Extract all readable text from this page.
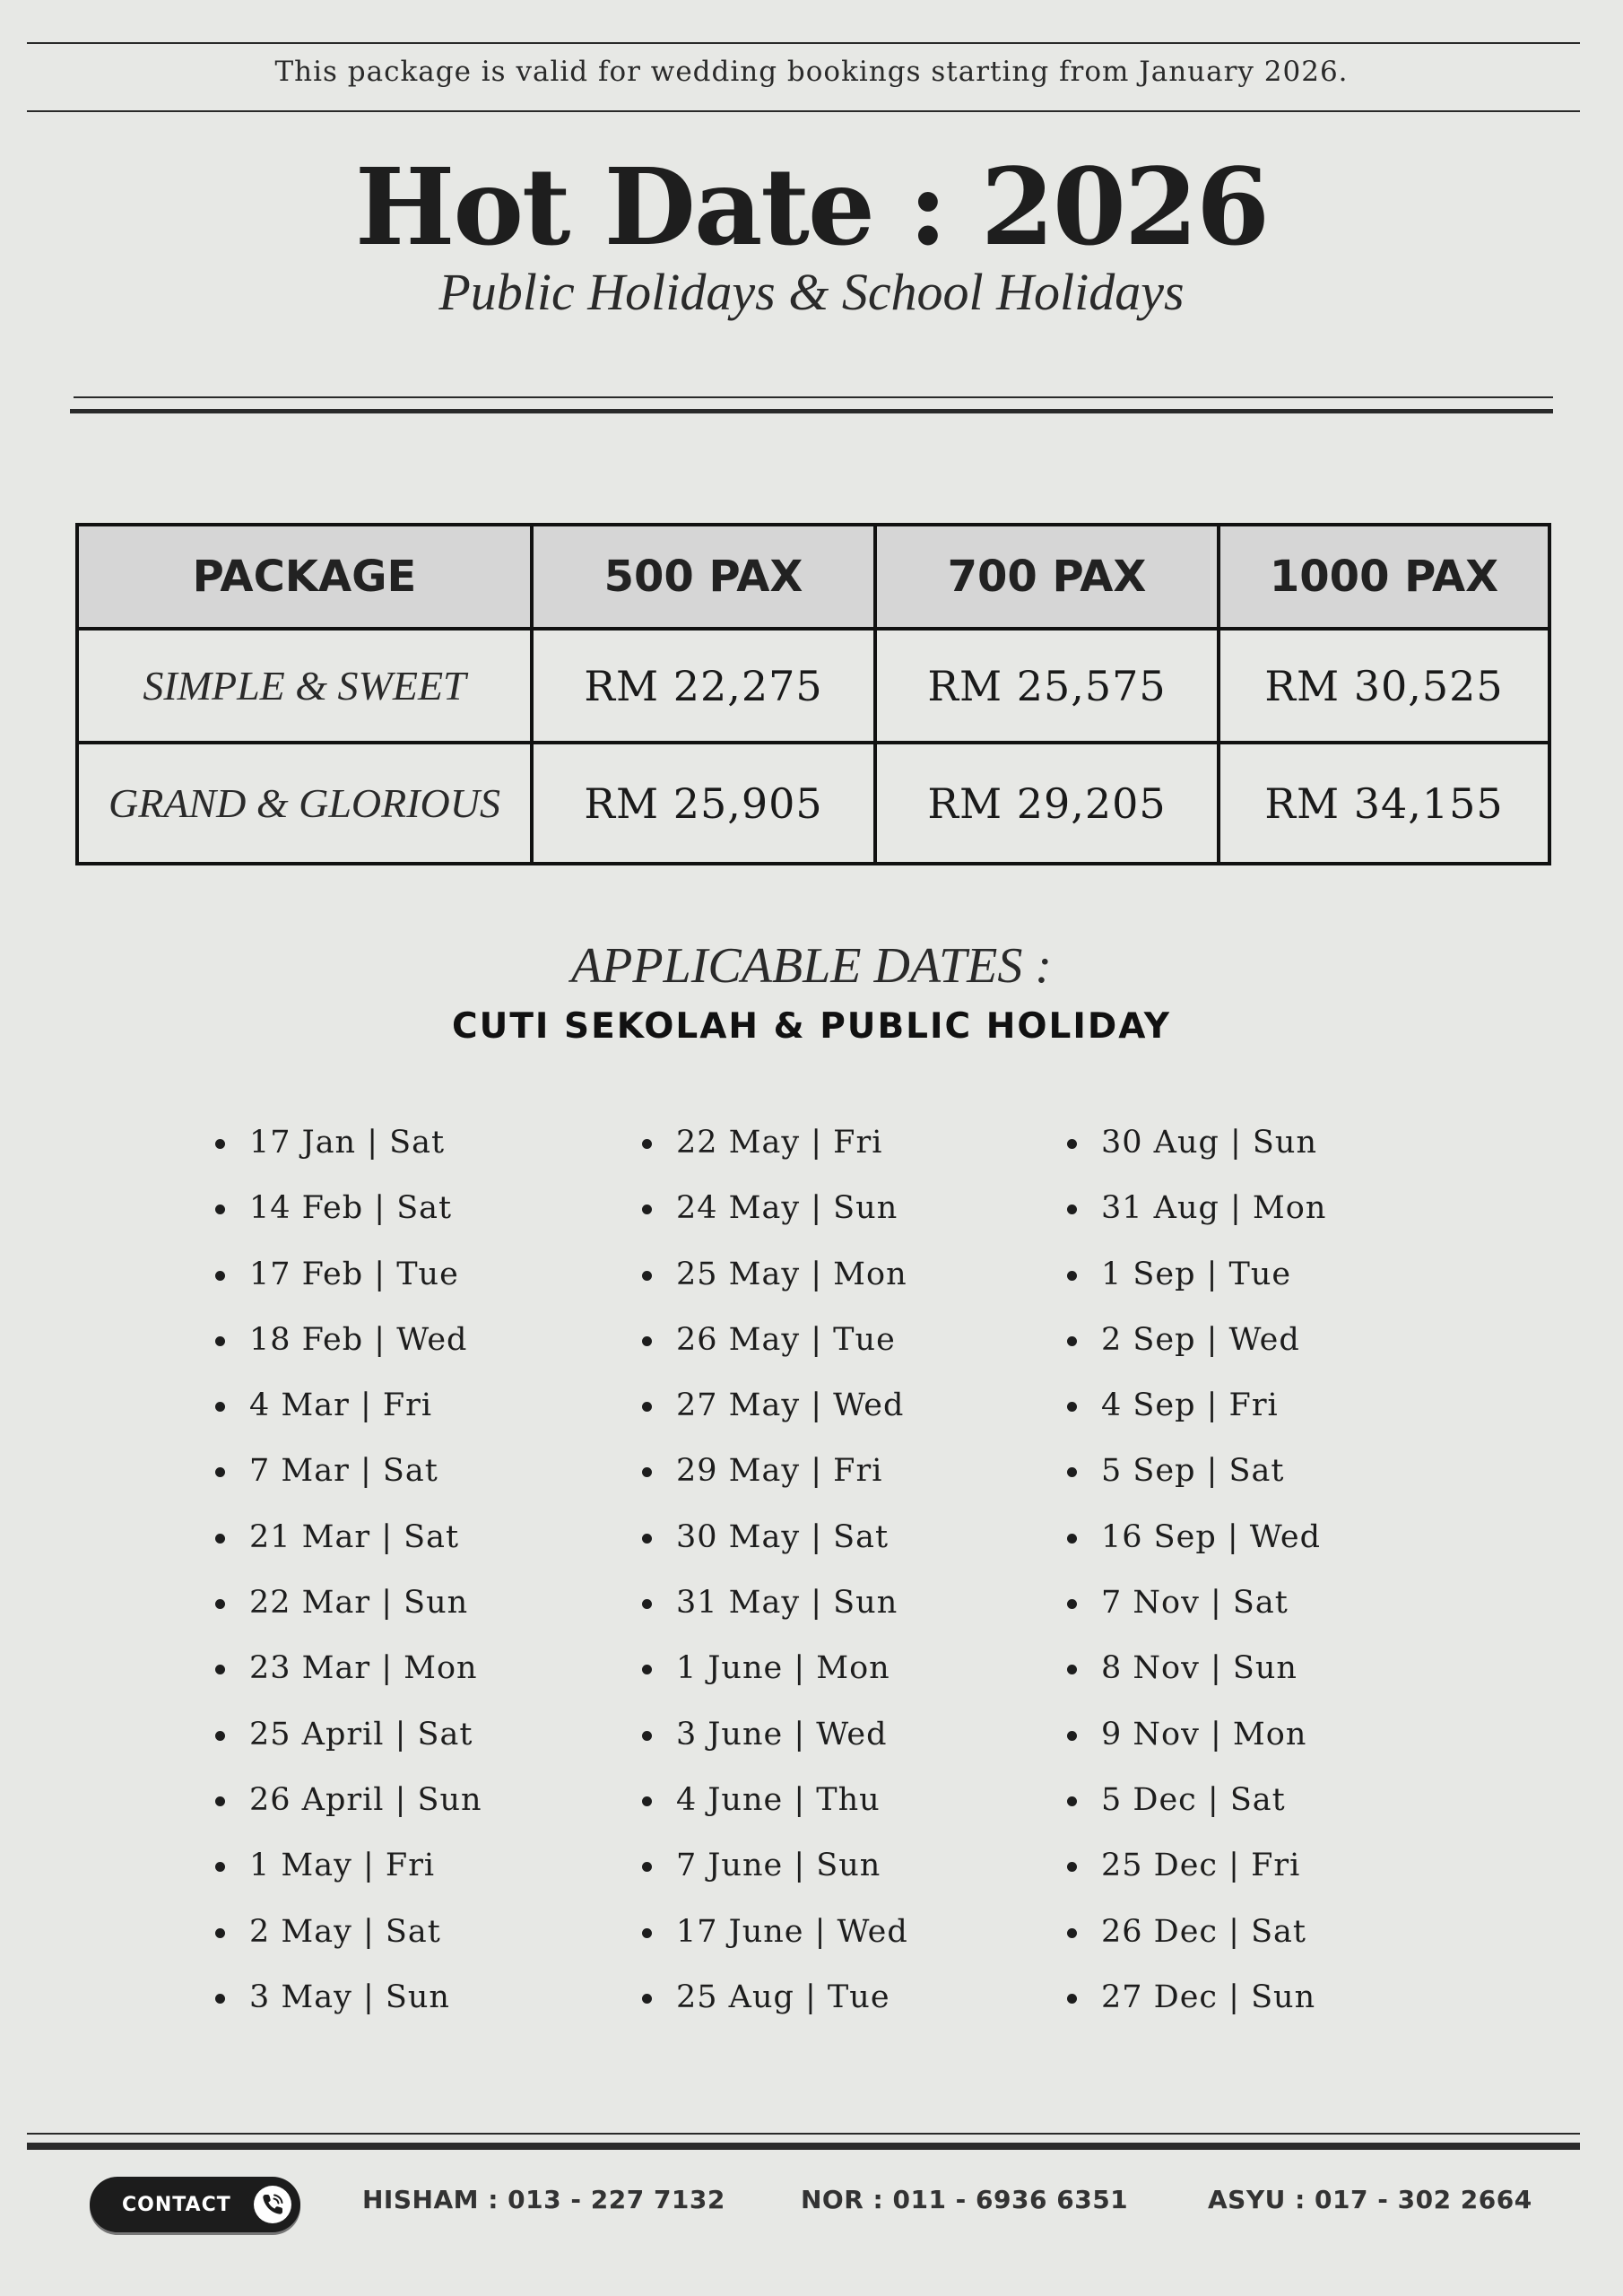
This package is valid for wedding bookings starting from January 2026.
Hot Date : 2026
Public Holidays & School Holidays
PACKAGE	500 PAX	700 PAX	1000 PAX
SIMPLE & SWEET	RM 22,275	RM 25,575	RM 30,525
GRAND & GLORIOUS	RM 25,905	RM 29,205	RM 34,155
APPLICABLE DATES :
CUTI SEKOLAH & PUBLIC HOLIDAY
17 Jan | Sat
14 Feb | Sat
17 Feb | Tue
18 Feb | Wed
4 Mar | Fri
7 Mar | Sat
21 Mar | Sat
22 Mar | Sun
23 Mar | Mon
25 April | Sat
26 April | Sun
1 May | Fri
2 May | Sat
3 May | Sun
22 May | Fri
24 May | Sun
25 May | Mon
26 May | Tue
27 May | Wed
29 May | Fri
30 May | Sat
31 May | Sun
1 June | Mon
3 June | Wed
4 June | Thu
7 June | Sun
17 June | Wed
25 Aug | Tue
30 Aug | Sun
31 Aug | Mon
1 Sep | Tue
2 Sep | Wed
4 Sep | Fri
5 Sep | Sat
16 Sep | Wed
7 Nov | Sat
8 Nov | Sun
9 Nov | Mon
5 Dec | Sat
25 Dec | Fri
26 Dec | Sat
27 Dec | Sun
CONTACT	HISHAM : 013 - 227 7132	NOR : 011 - 6936 6351	ASYU : 017 - 302 2664
